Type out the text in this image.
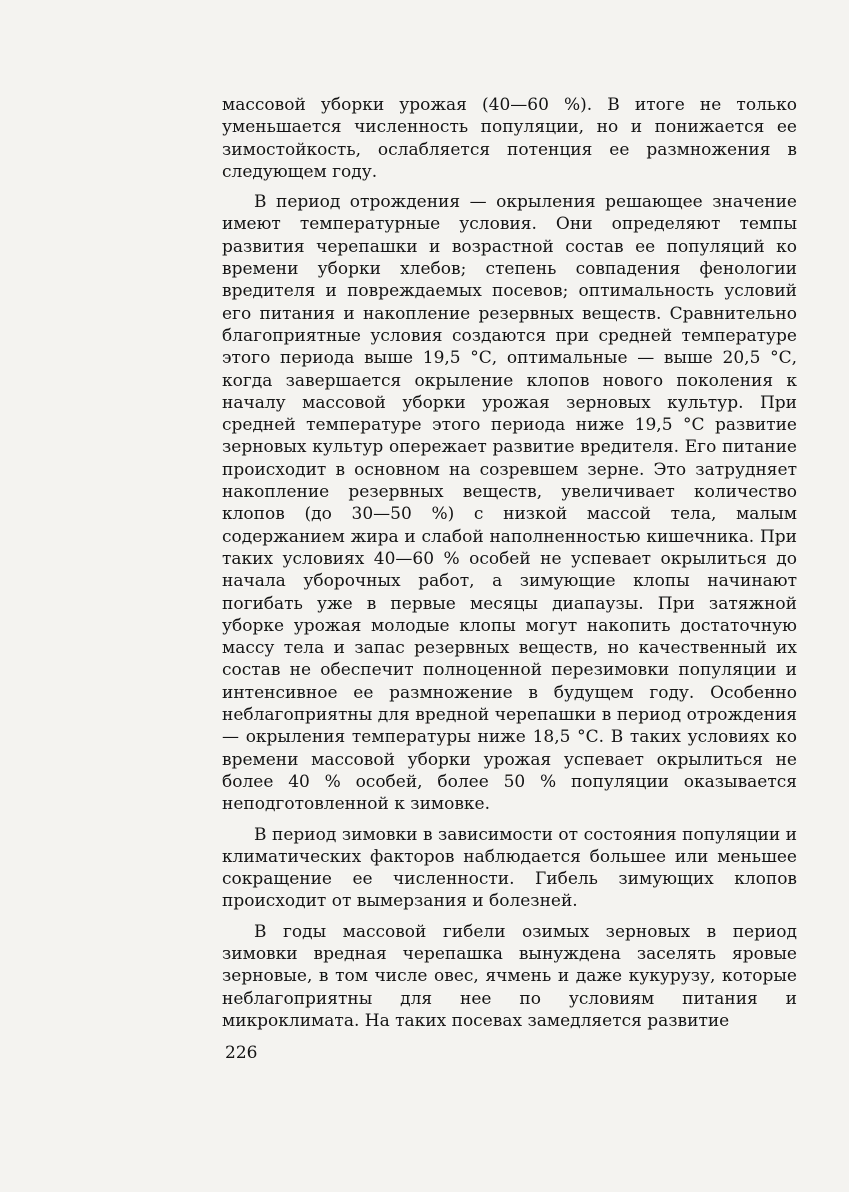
массовой уборки урожая (40—60 %). В итоге не только уменьшается численность популяции, но и понижается ее зимостойкость, ослабляется потенция ее размножения в следующем году.

В период отрождения — окрыления решающее значение имеют температурные условия. Они определяют темпы развития черепашки и возрастной состав ее популяций ко времени уборки хлебов; степень совпадения фенологии вредителя и повреждаемых посевов; оптимальность условий его питания и накопление резервных веществ. Сравнительно благоприятные условия создаются при средней температуре этого периода выше 19,5 °С, оптимальные — выше 20,5 °С, когда завершается окрыление клопов нового поколения к началу массовой уборки урожая зерновых культур. При средней температуре этого периода ниже 19,5 °С развитие зерновых культур опережает развитие вредителя. Его питание происходит в основном на созревшем зерне. Это затрудняет накопление резервных веществ, увеличивает количество клопов (до 30—50 %) с низкой массой тела, малым содержанием жира и слабой наполненностью кишечника. При таких условиях 40—60 % особей не успевает окрылиться до начала уборочных работ, а зимующие клопы начинают погибать уже в первые месяцы диапаузы. При затяжной уборке урожая молодые клопы могут накопить достаточную массу тела и запас резервных веществ, но качественный их состав не обеспечит полноценной перезимовки популяции и интенсивное ее размножение в будущем году. Особенно неблагоприятны для вредной черепашки в период отрождения — окрыления температуры ниже 18,5 °С. В таких условиях ко времени массовой уборки урожая успевает окрылиться не более 40 % особей, более 50 % популяции оказывается неподготовленной к зимовке.

В период зимовки в зависимости от состояния популяции и климатических факторов наблюдается большее или меньшее сокращение ее численности. Гибель зимующих клопов происходит от вымерзания и болезней.

В годы массовой гибели озимых зерновых в период зимовки вредная черепашка вынуждена заселять яровые зерновые, в том числе овес, ячмень и даже кукурузу, которые неблагоприятны для нее по условиям питания и микроклимата. На таких посевах замедляется развитие

226
